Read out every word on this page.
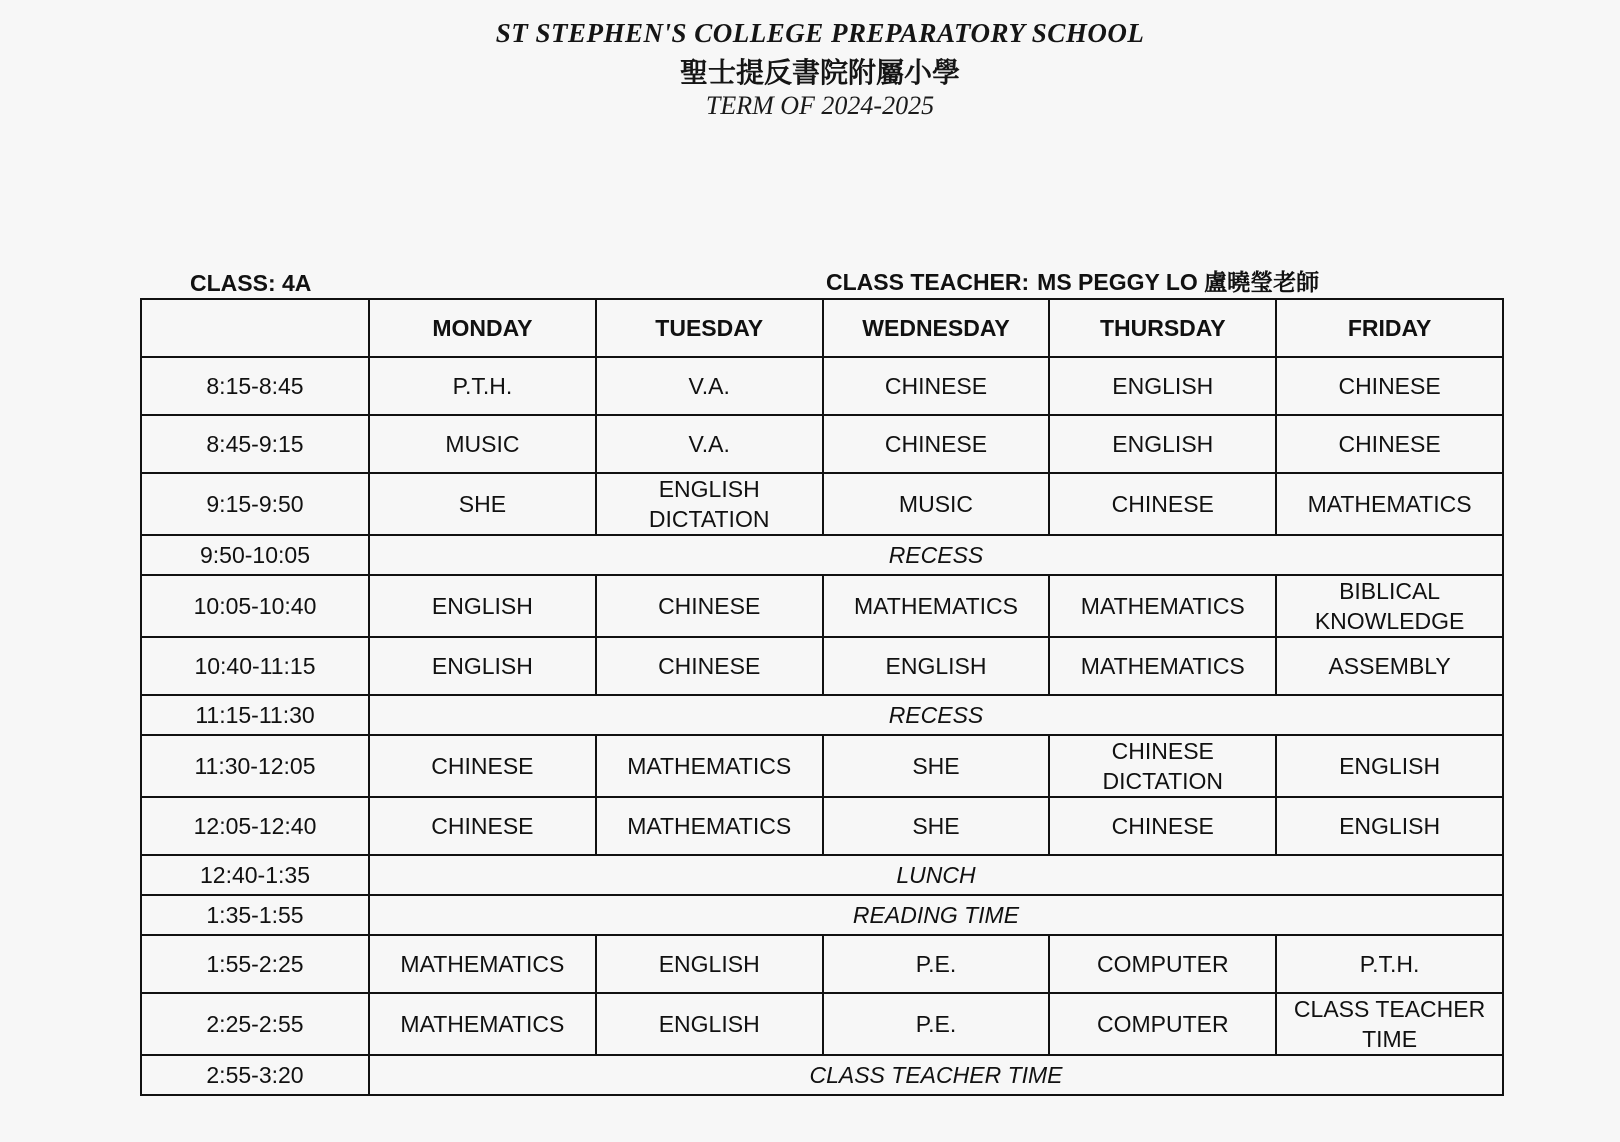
ST STEPHEN'S COLLEGE PREPARATORY SCHOOL

聖士提反書院附屬小學

TERM OF 2024-2025

CLASS: 4A	CLASS TEACHER: MS PEGGY LO 盧曉瑩老師
	MONDAY	TUESDAY	WEDNESDAY	THURSDAY	FRIDAY
8:15-8:45	P.T.H.	V.A.	CHINESE	ENGLISH	CHINESE

8:45-9:15	MUSIC	V.A.	CHINESE	ENGLISH	CHINESE

9:15-9:50	SHE	ENGLISH
DICTATION	MUSIC	CHINESE	MATHEMATICS

9:50-10:05	RECESS				
10:05-10:40	ENGLISH	CHINESE	MATHEMATICS	MATHEMATICS	BIBLICAL
KNOWLEDGE

10:40-11:15	ENGLISH	CHINESE	ENGLISH	MATHEMATICS	ASSEMBLY

11:15-11:30	RECESS				
11:30-12:05	CHINESE	MATHEMATICS	SHE	CHINESE
DICTATION	ENGLISH

12:05-12:40	CHINESE	MATHEMATICS	SHE	CHINESE	ENGLISH

12:40-1:35	LUNCH				
1:35-1:55	READING TIME				
1:55-2:25	MATHEMATICS	ENGLISH	P.E.	COMPUTER	P.T.H.

2:25-2:55	MATHEMATICS	ENGLISH	P.E.	COMPUTER	CLASS TEACHER
TIME

2:55-3:20	CLASS TEACHER TIME				
